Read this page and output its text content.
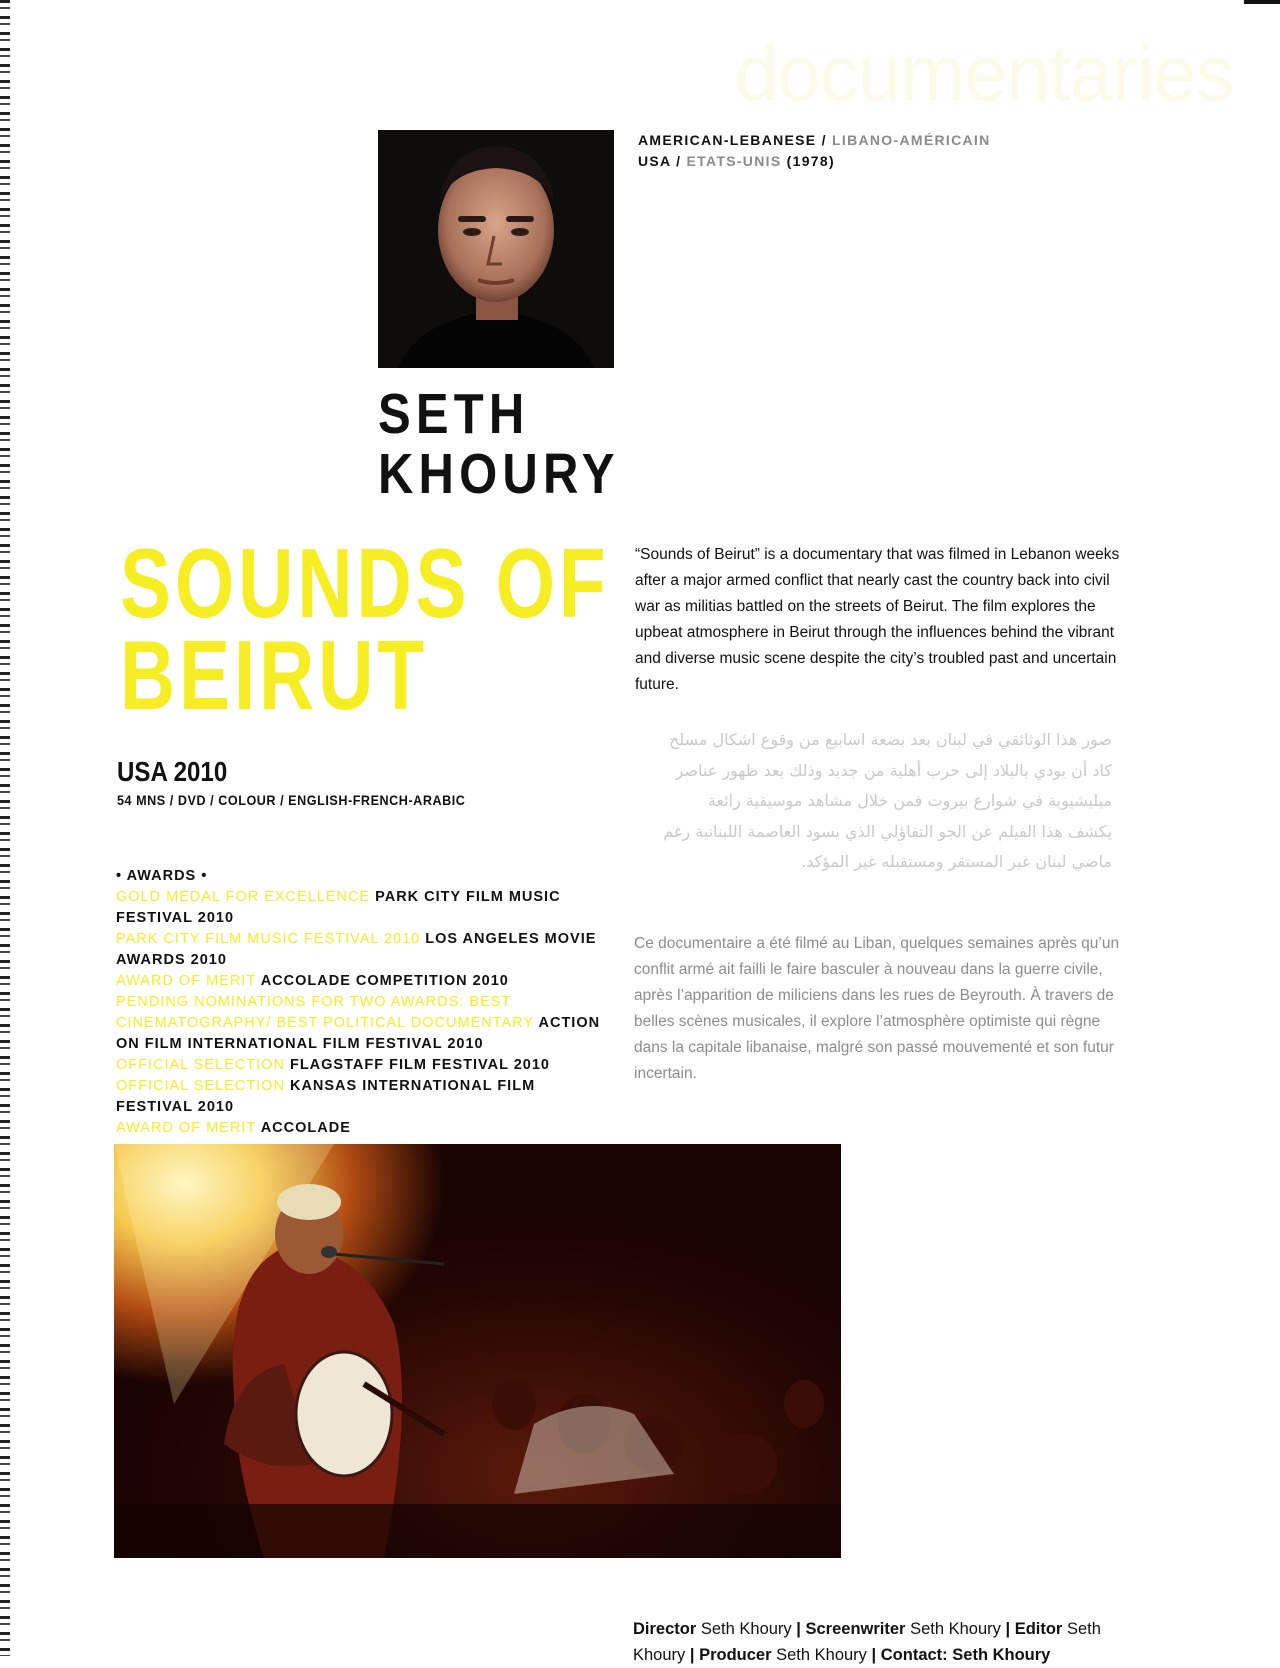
documentaries
AMERICAN-LEBANESE / LIBANO-AMÉRICAIN
USA / ETATS-UNIS (1978)
SETH
KHOURY
SOUNDS OF
BEIRUT
USA 2010
54 MNS / DVD / COLOUR / ENGLISH-FRENCH-ARABIC
• AWARDS •
GOLD MEDAL FOR EXCELLENCE PARK CITY FILM MUSIC FESTIVAL 2010
PARK CITY FILM MUSIC FESTIVAL 2010 LOS ANGELES MOVIE AWARDS 2010
AWARD OF MERIT ACCOLADE COMPETITION 2010
PENDING NOMINATIONS FOR TWO AWARDS: BEST CINEMATOGRAPHY/ BEST POLITICAL DOCUMENTARY ACTION ON FILM INTERNATIONAL FILM FESTIVAL 2010
OFFICIAL SELECTION FLAGSTAFF FILM FESTIVAL 2010
OFFICIAL SELECTION KANSAS INTERNATIONAL FILM FESTIVAL 2010
AWARD OF MERIT ACCOLADE
“Sounds of Beirut” is a documentary that was filmed in Lebanon weeks after a major armed conflict that nearly cast the country back into civil war as militias battled on the streets of Beirut. The film explores the upbeat atmosphere in Beirut through the influences behind the vibrant and diverse music scene despite the city’s troubled past and uncertain future.
صور هذا الوثائقي في لبنان بعد بضعة اسابيع من وقوع اشكال مسلح كاد أن يودي بالبلاد إلى حرب أهلية من جديد وذلك بعد ظهور عناصر ميليشيوية في شوارع بيروت فمن خلال مشاهد موسيقية رائعة يكشف هذا الفيلم عن الجو التفاؤلي الذي يسود العاصمة اللبنانية رغم ماضي لبنان غير المستقر ومستقبله غير المؤكد.
Ce documentaire a été filmé au Liban, quelques semaines après qu’un conflit armé ait failli le faire basculer à nouveau dans la guerre civile, après l’apparition de miliciens dans les rues de Beyrouth. À travers de belles scènes musicales, il explore l’atmosphère optimiste qui règne dans la capitale libanaise, malgré son passé mouvementé et son futur incertain.
Director Seth Khoury | Screenwriter Seth Khoury | Editor Seth Khoury | Producer Seth Khoury | Contact: Seth Khoury
